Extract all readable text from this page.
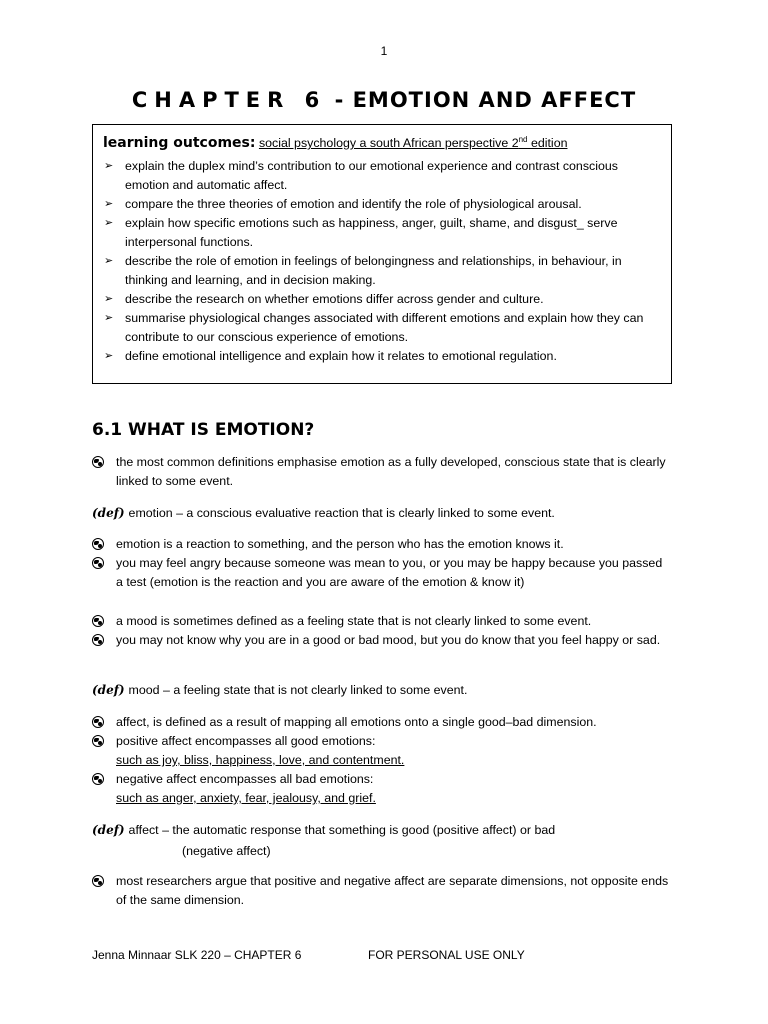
1
CHAPTER 6 - EMOTION AND AFFECT
learning outcomes: social psychology a south African perspective 2nd edition
➢ explain the duplex mind’s contribution to our emotional experience and contrast conscious emotion and automatic affect.
➢ compare the three theories of emotion and identify the role of physiological arousal.
➢ explain how specific emotions such as happiness, anger, guilt, shame, and disgust_ serve interpersonal functions.
➢ describe the role of emotion in feelings of belongingness and relationships, in behaviour, in thinking and learning, and in decision making.
➢ describe the research on whether emotions differ across gender and culture.
➢ summarise physiological changes associated with different emotions and explain how they can contribute to our conscious experience of emotions.
➢ define emotional intelligence and explain how it relates to emotional regulation.
6.1 WHAT IS EMOTION?
the most common definitions emphasise emotion as a fully developed, conscious state that is clearly linked to some event.
(def) emotion – a conscious evaluative reaction that is clearly linked to some event.
emotion is a reaction to something, and the person who has the emotion knows it.
you may feel angry because someone was mean to you, or you may be happy because you passed a test (emotion is the reaction and you are aware of the emotion & know it)
a mood is sometimes defined as a feeling state that is not clearly linked to some event.
you may not know why you are in a good or bad mood, but you do know that you feel happy or sad.
(def) mood – a feeling state that is not clearly linked to some event.
affect, is defined as a result of mapping all emotions onto a single good–bad dimension.
positive affect encompasses all good emotions:
such as joy, bliss, happiness, love, and contentment.
negative affect encompasses all bad emotions:
such as anger, anxiety, fear, jealousy, and grief.
(def) affect – the automatic response that something is good (positive affect) or bad
(negative affect)
most researchers argue that positive and negative affect are separate dimensions, not opposite ends of the same dimension.
Jenna Minnaar SLK 220 – CHAPTER 6	FOR PERSONAL USE ONLY
